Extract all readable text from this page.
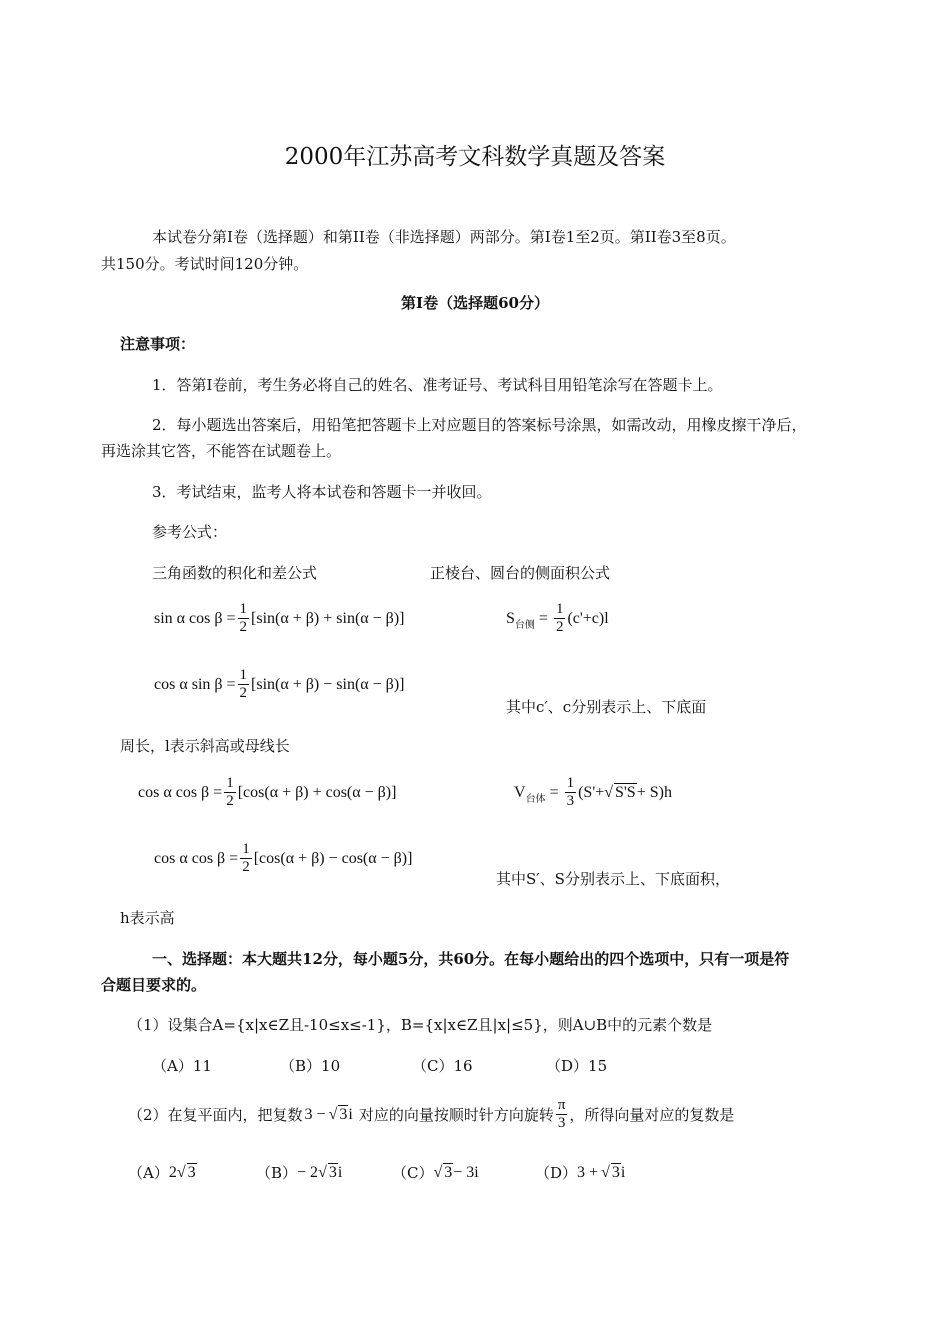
2000年江苏高考文科数学真题及答案
本试卷分第Ⅰ卷（选择题）和第II卷（非选择题）两部分。第Ⅰ卷1至2页。第II卷3至8页。
共150分。考试时间120分钟。
第Ⅰ卷（选择题60分）
注意事项：
1．答第Ⅰ卷前，考生务必将自己的姓名、准考证号、考试科目用铅笔涂写在答题卡上。
2．每小题选出答案后，用铅笔把答题卡上对应题目的答案标号涂黑，如需改动，用橡皮擦干净后，
再选涂其它答，不能答在试题卷上。
3．考试结束，监考人将本试卷和答题卡一并收回。
参考公式：
三角函数的积化和差公式	正棱台、圆台的侧面积公式
sin α $\cos \beta = \frac{1}{2} [\sin(\alpha + \beta) + \sin(\alpha - \beta)]$	S 台侧 = $\frac{1}{2} (c'+c)l$
cos α $\sin \beta = \frac{1}{2} [\sin(\alpha + \beta) - \sin(\alpha - \beta)]$
其中c′、c分别表示上、下底面
周长，l表示斜高或母线长
cos α $\cos \beta = \frac{1}{2} [\cos(\alpha + \beta) + \cos(\alpha - \beta)]$	V 台体 = $\frac{1}{3} (S'+$ √ S'S + S)h
cos α $\cos \beta = \frac{1}{2} [\cos(\alpha + \beta) - \cos(\alpha - \beta)]$
其中S′、S分别表示上、下底面积，
h表示高
一、选择题：本大题共12分，每小题5分，共60分。在每小题给出的四个选项中，只有一项是符
合题目要求的。
（1）设集合A={x|x∈Z且-10≤x≤-1}，B={x|x∈Z且|x|≤5}，则A∪B中的元素个数是
（A）11	（B）10	（C）16	（D）15
（2）在复平面内，把复数 3 − √ 3 i 对应的向量按顺时针方向旋转 $\frac{\pi}{3}$ ，所得向量对应的复数是
（A） 2 √ 3	（B） − 2 √ 3 i	（C） √ 3 − 3i	（D） 3 + √ 3 i
